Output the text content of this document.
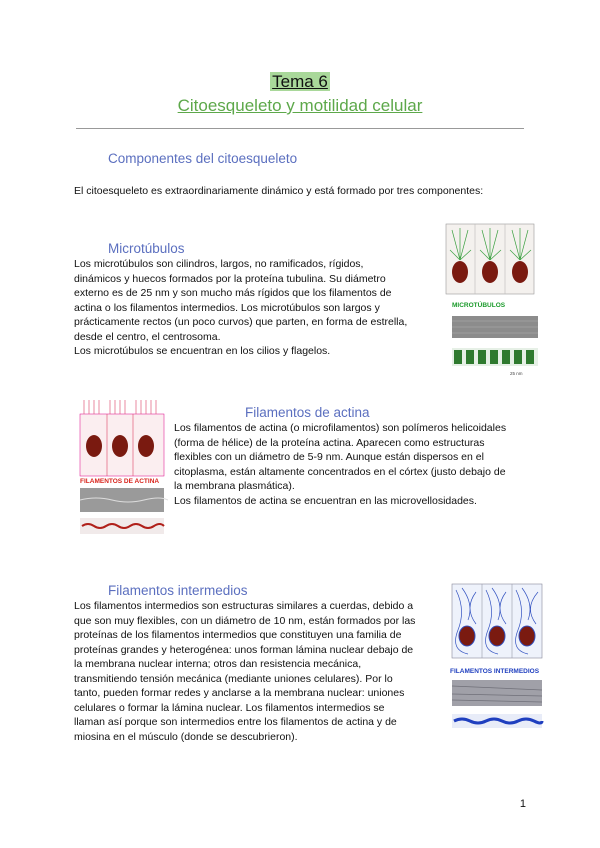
Tema 6
Citoesqueleto y motilidad celular
Componentes del citoesqueleto
El citoesqueleto es extraordinariamente dinámico y está formado por tres componentes:
Microtúbulos

Los microtúbulos son cilindros, largos, no ramificados, rígidos,

dinámicos y huecos formados por la proteína tubulina. Su diámetro

externo es de 25 nm y son mucho más rígidos que los filamentos de

actina o los filamentos intermedios. Los microtúbulos son largos y

prácticamente rectos (un poco curvos) que parten, en forma de estrella,

desde el centro, el centrosoma.

Los microtúbulos se encuentran en los cilios y flagelos.

MICROTÚBULOS
25 nm
FILAMENTOS DE ACTINA
Filamentos de actina

Los filamentos de actina (o microfilamentos) son polímeros helicoidales

(forma de hélice) de la proteína actina. Aparecen como estructuras

flexibles con un diámetro de 5-9 nm. Aunque están dispersos en el

citoplasma, están altamente concentrados en el córtex (justo debajo de

la membrana plasmática).

Los filamentos de actina se encuentran en las microvellosidades.

Filamentos intermedios

Los filamentos intermedios son estructuras similares a cuerdas, debido a

que son muy flexibles, con un diámetro de 10 nm, están formados por las

proteínas de los filamentos intermedios que constituyen una familia de

proteínas grandes y heterogénea: unos forman lámina nuclear debajo de

la membrana nuclear interna; otros dan resistencia mecánica,

transmitiendo tensión mecánica (mediante uniones celulares). Por lo

tanto, pueden formar redes y anclarse a la membrana nuclear: uniones

celulares o formar la lámina nuclear. Los filamentos intermedios se

llaman así porque son intermedios entre los filamentos de actina y de

miosina en el músculo (donde se descubrieron).

FILAMENTOS INTERMEDIOS
1
